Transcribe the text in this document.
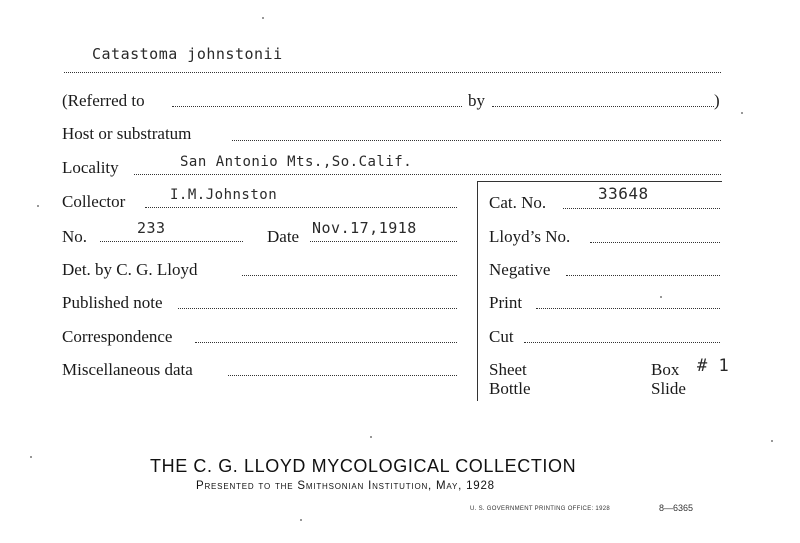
Catastoma johnstonii
(Referred to	by	)
Host or substratum
Locality	San Antonio Mts.,So.Calif.
Collector	I.M.Johnston
No.	233	Date Nov.17,1918
Det. by C. G. Lloyd
Published note
Correspondence
Miscellaneous data
Cat. No.	33648
Lloyd’s No.
Negative
Print
Cut
Sheet
Bottle
Box # 1
Slide
THE C. G. LLOYD MYCOLOGICAL COLLECTION
Presented to the Smithsonian Institution, May, 1928
U. S. GOVERNMENT PRINTING OFFICE: 1928	8—6365
